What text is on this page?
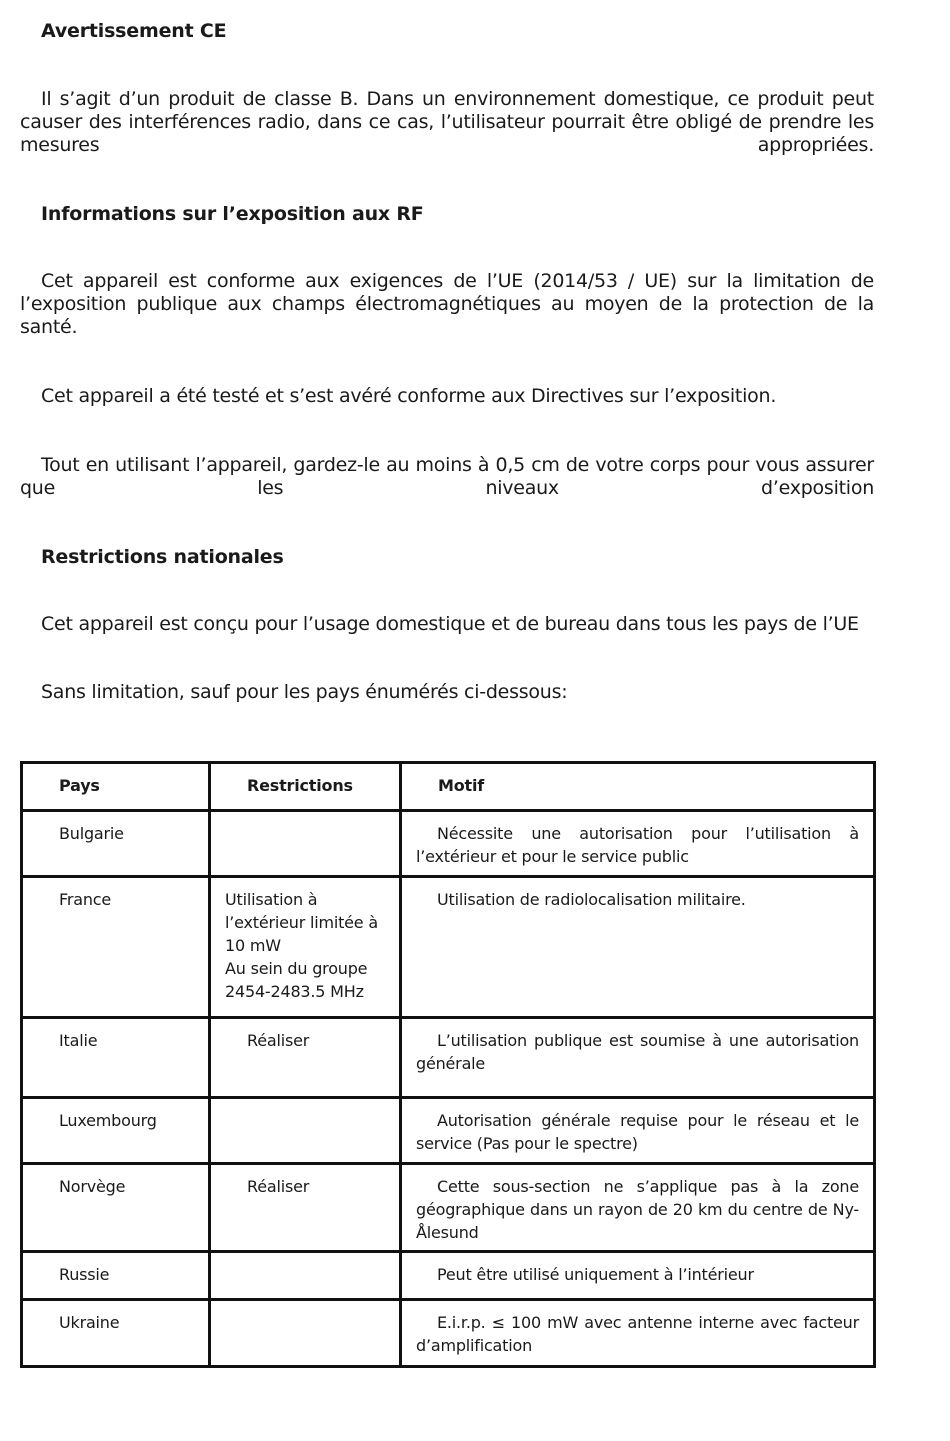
Avertissement CE

Il s’agit d’un produit de classe B. Dans un environnement domestique, ce produit peut causer des interférences radio, dans ce cas, l’utilisateur pourrait être obligé de prendre les mesures appropriées.

Informations sur l’exposition aux RF

Cet appareil est conforme aux exigences de l’UE (2014/53 / UE) sur la limitation de l’exposition publique aux champs électromagnétiques au moyen de la protection de la santé.

Cet appareil a été testé et s’est avéré conforme aux Directives sur l’exposition.

Tout en utilisant l’appareil, gardez-le au moins à 0,5 cm de votre corps pour vous assurer que les niveaux d’exposition

Restrictions nationales

Cet appareil est conçu pour l’usage domestique et de bureau dans tous les pays de l’UE

Sans limitation, sauf pour les pays énumérés ci-dessous:

Pays	Restrictions	Motif
Bulgarie		Nécessite une autorisation pour l’utilisation à l’extérieur et pour le service public
France	Utilisation à
l’extérieur limitée à
10 mW
Au sein du groupe
2454-2483.5 MHz	Utilisation de radiolocalisation militaire.
Italie	Réaliser	L’utilisation publique est soumise à une autorisation générale
Luxembourg		Autorisation générale requise pour le réseau et le service (Pas pour le spectre)
Norvège	Réaliser	Cette sous-section ne s’applique pas à la zone géographique dans un rayon de 20 km du centre de Ny-Ålesund
Russie		Peut être utilisé uniquement à l’intérieur
Ukraine		E.i.r.p. ≤ 100 mW avec antenne interne avec facteur d’amplification
